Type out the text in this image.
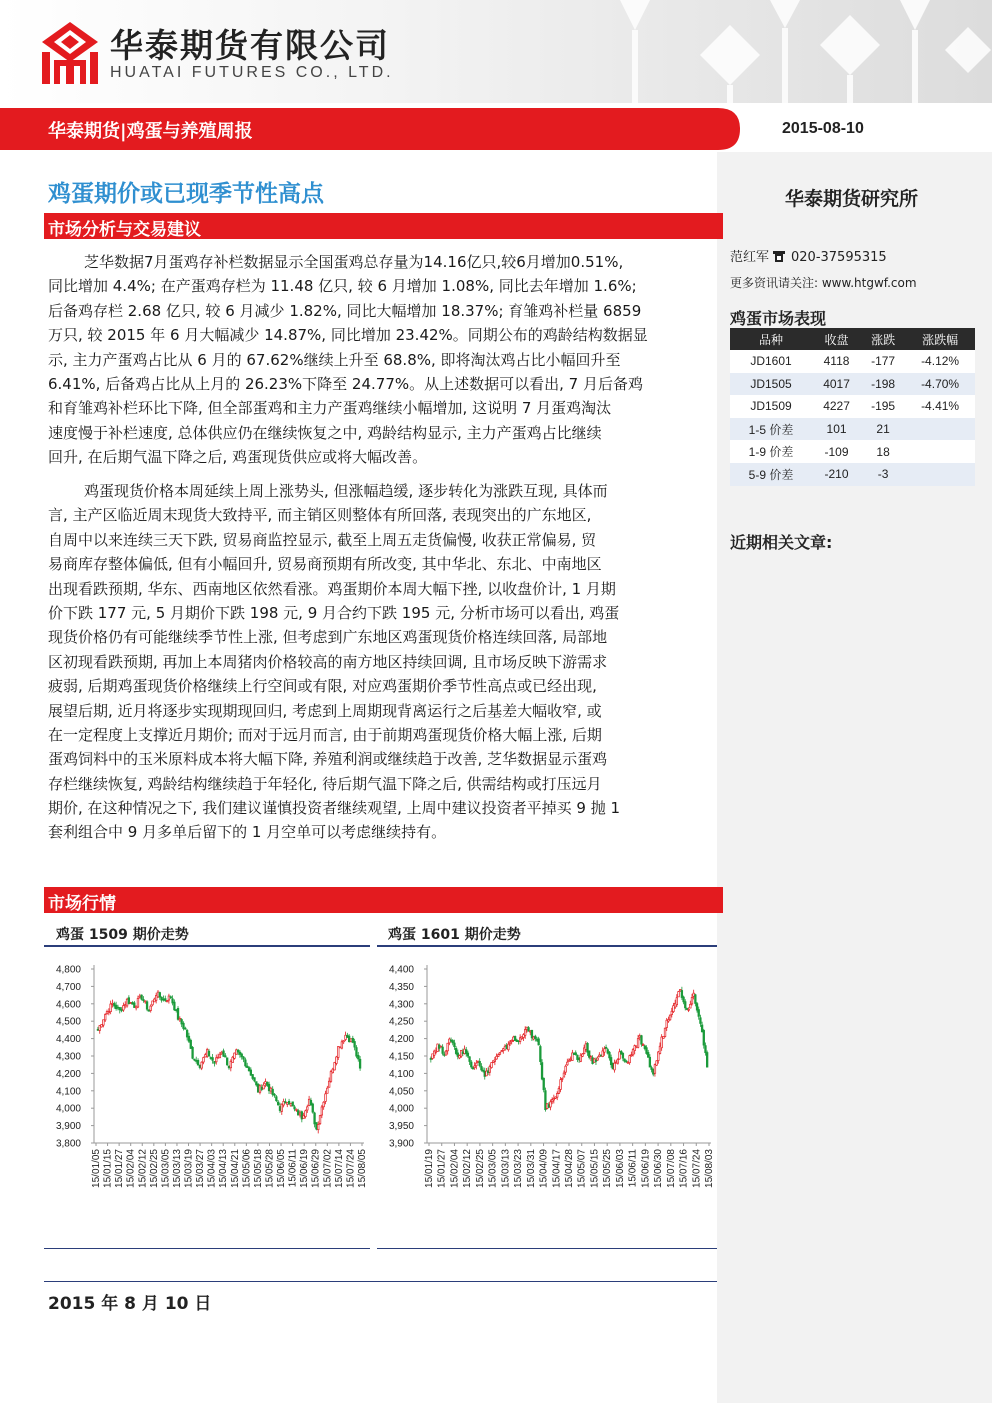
华泰期货有限公司
HUATAI FUTURES CO., LTD.
华泰期货|鸡蛋与养殖周报	2015-08-10
华泰期货研究所
范红军 020-37595315
更多资讯请关注: www.htgwf.com
鸡蛋市场表现
品种	收盘	涨跌	涨跌幅
JD1601	4118	-177	-4.12%
JD1505	4017	-198	-4.70%
JD1509	4227	-195	-4.41%
1-5 价差	101	21	
1-9 价差	-109	18	
5-9 价差	-210	-3	
近期相关文章:
鸡蛋期价或已现季节性高点
市场分析与交易建议
芝华数据7月蛋鸡存补栏数据显示全国蛋鸡总存量为14.16亿只,较6月增加0.51%,
同比增加 4.4%; 在产蛋鸡存栏为 11.48 亿只, 较 6 月增加 1.08%, 同比去年增加 1.6%;
后备鸡存栏 2.68 亿只, 较 6 月减少 1.82%, 同比大幅增加 18.37%; 育雏鸡补栏量 6859
万只, 较 2015 年 6 月大幅减少 14.87%, 同比增加 23.42%。同期公布的鸡龄结构数据显
示, 主力产蛋鸡占比从 6 月的 67.62%继续上升至 68.8%, 即将淘汰鸡占比小幅回升至
6.41%, 后备鸡占比从上月的 26.23%下降至 24.77%。从上述数据可以看出, 7 月后备鸡
和育雏鸡补栏环比下降, 但全部蛋鸡和主力产蛋鸡继续小幅增加, 这说明 7 月蛋鸡淘汰
速度慢于补栏速度, 总体供应仍在继续恢复之中, 鸡龄结构显示, 主力产蛋鸡占比继续
回升, 在后期气温下降之后, 鸡蛋现货供应或将大幅改善。
鸡蛋现货价格本周延续上周上涨势头, 但涨幅趋缓, 逐步转化为涨跌互现, 具体而
言, 主产区临近周末现货大致持平, 而主销区则整体有所回落, 表现突出的广东地区,
自周中以来连续三天下跌, 贸易商监控显示, 截至上周五走货偏慢, 收获正常偏易, 贸
易商库存整体偏低, 但有小幅回升, 贸易商预期有所改变, 其中华北、东北、中南地区
出现看跌预期, 华东、西南地区依然看涨。鸡蛋期价本周大幅下挫, 以收盘价计, 1 月期
价下跌 177 元, 5 月期价下跌 198 元, 9 月合约下跌 195 元, 分析市场可以看出, 鸡蛋
现货价格仍有可能继续季节性上涨, 但考虑到广东地区鸡蛋现货价格连续回落, 局部地
区初现看跌预期, 再加上本周猪肉价格较高的南方地区持续回调, 且市场反映下游需求
疲弱, 后期鸡蛋现货价格继续上行空间或有限, 对应鸡蛋期价季节性高点或已经出现,
展望后期, 近月将逐步实现期现回归, 考虑到上周期现背离运行之后基差大幅收窄, 或
在一定程度上支撑近月期价; 而对于远月而言, 由于前期鸡蛋现货价格大幅上涨, 后期
蛋鸡饲料中的玉米原料成本将大幅下降, 养殖利润或继续趋于改善, 芝华数据显示蛋鸡
存栏继续恢复, 鸡龄结构继续趋于年轻化, 待后期气温下降之后, 供需结构或打压远月
期价, 在这种情况之下, 我们建议谨慎投资者继续观望, 上周中建议投资者平掉买 9 抛 1
套利组合中 9 月多单后留下的 1 月空单可以考虑继续持有。
市场行情
鸡蛋 1509 期价走势	鸡蛋 1601 期价走势
4,800
4,700
4,600
4,500
4,400
4,300
4,200
4,100
4,000
3,900
3,800
15/01/05 15/01/15 15/01/27 15/02/04 15/02/12 15/02/25 15/03/05 15/03/13 15/03/19 15/03/27 15/04/03 15/04/13 15/04/21 15/05/06 15/05/18 15/05/28 15/06/05 15/06/11 15/06/19 15/06/29 15/07/02 15/07/14 15/07/24 15/08/05
4,400
4,350
4,300
4,250
4,200
4,150
4,100
4,050
4,000
3,950
3,900
15/01/19 15/01/27 15/02/04 15/02/12 15/02/25 15/03/05 15/03/13 15/03/23 15/03/31 15/04/09 15/04/17 15/04/28 15/05/07 15/05/15 15/05/25 15/06/03 15/06/11 15/06/19 15/06/30 15/07/08 15/07/16 15/07/24 15/08/03
2015 年 8 月 10 日
